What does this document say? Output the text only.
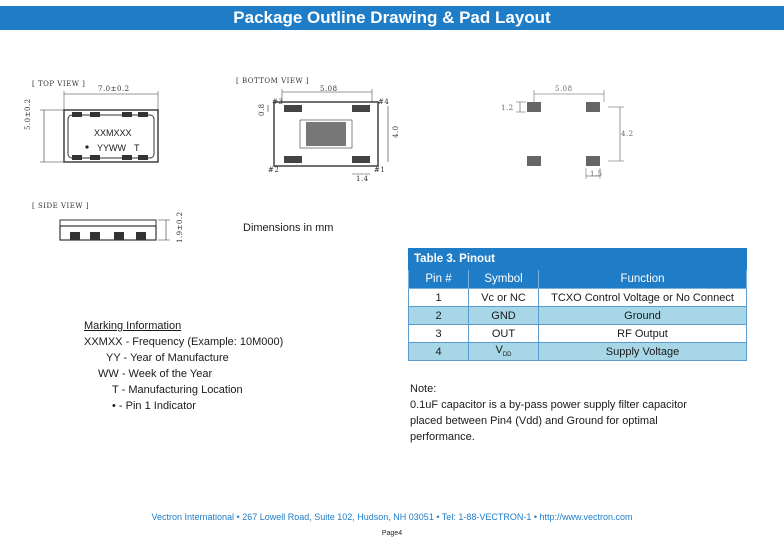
Package Outline Drawing & Pad Layout
[ TOP VIEW ]
7.0±0.2
5.0±0.2
XXMXXX
YYWW T
[ BOTTOM VIEW ]
5.08
4.0
0.8
1.4
#3	#4
#2	#1
5.08
4.2
1.2
1.5
[ SIDE VIEW ]
1.9±0.2	Dimensions in mm
Marking Information
XXMXX - Frequency (Example: 10M000)
YY - Year of Manufacture
WW - Week of the Year
T - Manufacturing Location
• - Pin 1 Indicator
Table 3. Pinout		
Pin #	Symbol	Function
1	Vc or NC	TCXO Control Voltage or No Connect
2	GND	Ground
3	OUT	RF Output
4	$V_{DD}$	Supply Voltage
Note:
0.1uF capacitor is a by-pass power supply filter capacitor placed between Pin4 (Vdd) and Ground for optimal performance.
Vectron International • 267 Lowell Road, Suite 102, Hudson, NH 03051 • Tel: 1-88-VECTRON-1 • http://www.vectron.com
Page4
